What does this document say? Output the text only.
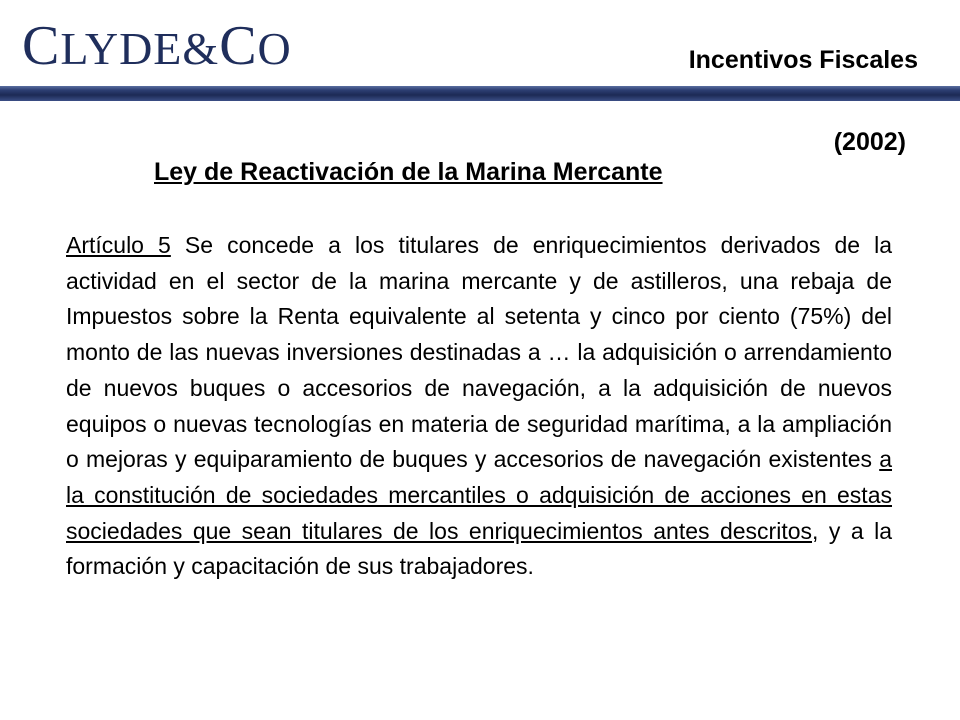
CLYDE&CO	Incentivos Fiscales
(2002)
Ley de Reactivación de la Marina Mercante
Artículo 5 Se concede a los titulares de enriquecimientos derivados de la actividad en el sector de la marina mercante y de astilleros, una rebaja de Impuestos sobre la Renta equivalente al setenta y cinco por ciento (75%) del monto de las nuevas inversiones destinadas a … la adquisición o arrendamiento de nuevos buques o accesorios de navegación, a la adquisición de nuevos equipos o nuevas tecnologías en materia de seguridad marítima, a la ampliación o mejoras y equiparamiento de buques y accesorios de navegación existentes a la constitución de sociedades mercantiles o adquisición de acciones en estas sociedades que sean titulares de los enriquecimientos antes descritos, y a la formación y capacitación de sus trabajadores.
